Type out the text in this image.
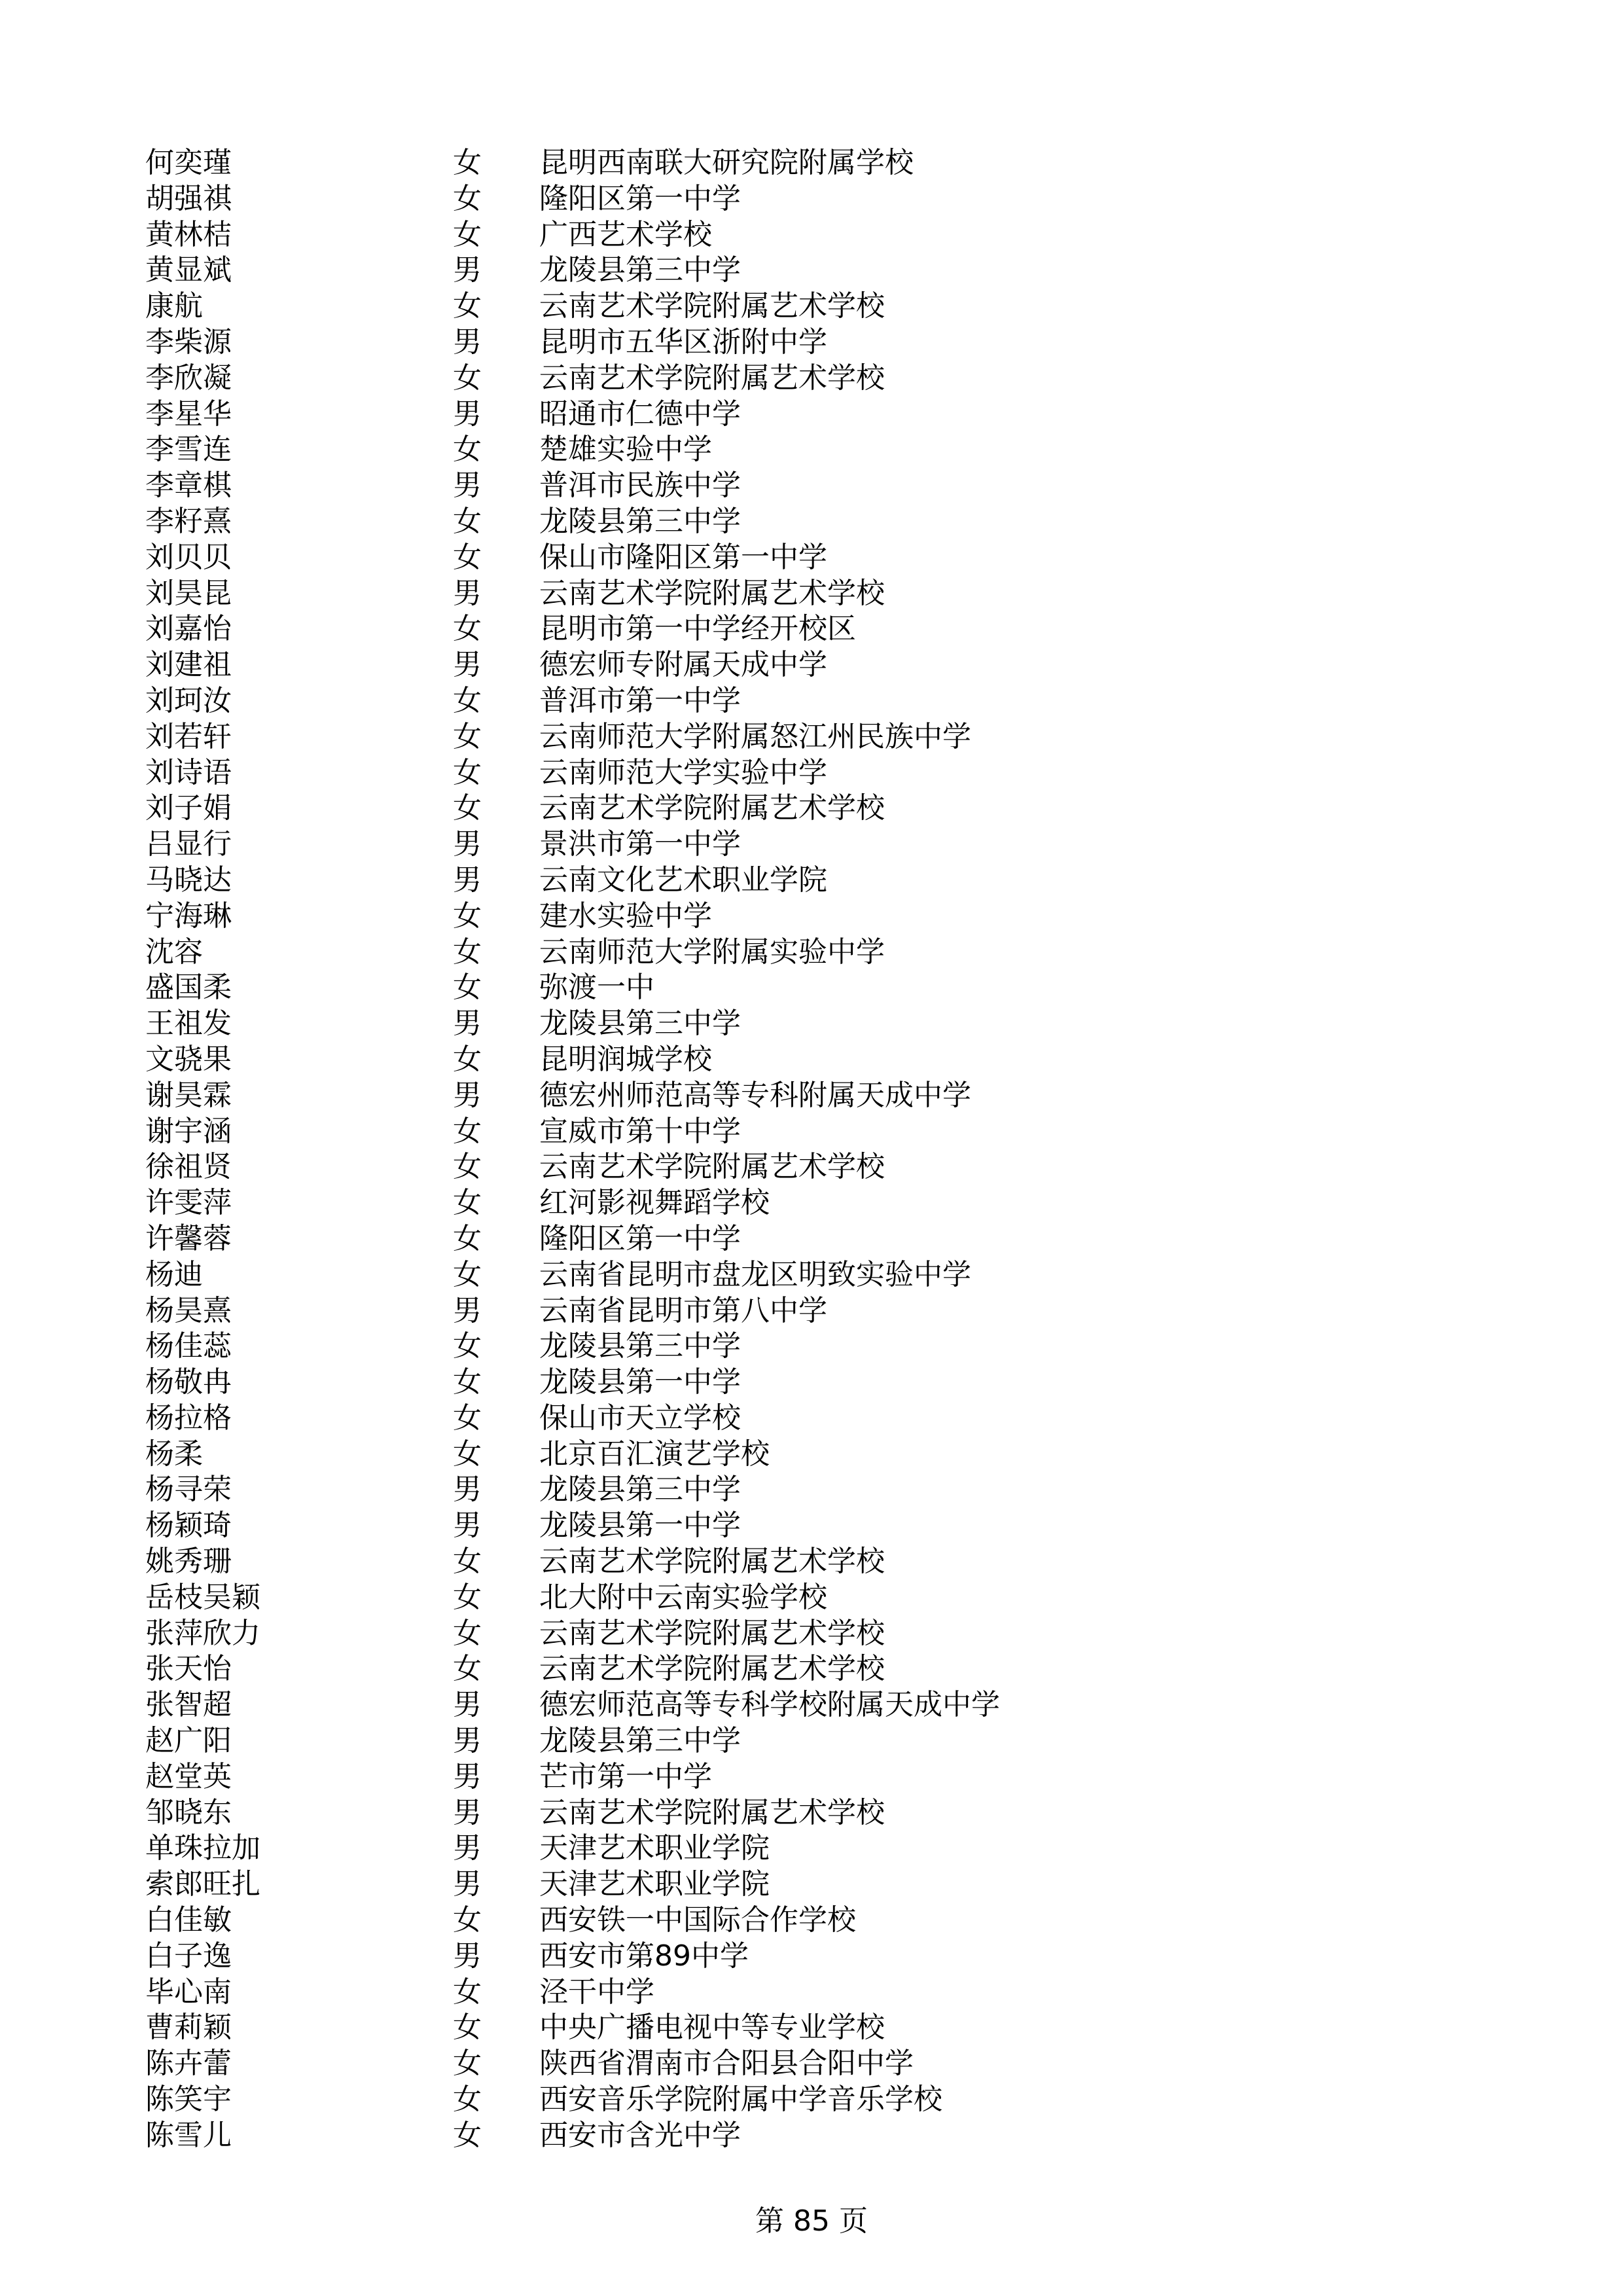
何奕瑾	女 昆明西南联大研究院附属学校
胡强祺	女 隆阳区第一中学
黄林桔	女 广西艺术学校
黄显斌	男 龙陵县第三中学
康航	女 云南艺术学院附属艺术学校
李柴源	男 昆明市五华区浙附中学
李欣凝	女 云南艺术学院附属艺术学校
李星华	男 昭通市仁德中学
李雪连	女 楚雄实验中学
李章棋	男 普洱市民族中学
李籽熹	女 龙陵县第三中学
刘贝贝	女 保山市隆阳区第一中学
刘昊昆	男 云南艺术学院附属艺术学校
刘嘉怡	女 昆明市第一中学经开校区
刘建祖	男 德宏师专附属天成中学
刘珂汝	女 普洱市第一中学
刘若轩	女 云南师范大学附属怒江州民族中学
刘诗语	女 云南师范大学实验中学
刘子娟	女 云南艺术学院附属艺术学校
吕显行	男 景洪市第一中学
马晓达	男 云南文化艺术职业学院
宁海琳	女 建水实验中学
沈容	女 云南师范大学附属实验中学
盛国柔	女 弥渡一中
王祖发	男 龙陵县第三中学
文骁果	女 昆明润城学校
谢昊霖	男 德宏州师范高等专科附属天成中学
谢宇涵	女 宣威市第十中学
徐祖贤	女 云南艺术学院附属艺术学校
许雯萍	女 红河影视舞蹈学校
许馨蓉	女 隆阳区第一中学
杨迪	女 云南省昆明市盘龙区明致实验中学
杨昊熹	男 云南省昆明市第八中学
杨佳蕊	女 龙陵县第三中学
杨敬冉	女 龙陵县第一中学
杨拉格	女 保山市天立学校
杨柔	女 北京百汇演艺学校
杨寻荣	男 龙陵县第三中学
杨颖琦	男 龙陵县第一中学
姚秀珊	女 云南艺术学院附属艺术学校
岳枝吴颖	女 北大附中云南实验学校
张萍欣力	女 云南艺术学院附属艺术学校
张天怡	女 云南艺术学院附属艺术学校
张智超	男 德宏师范高等专科学校附属天成中学
赵广阳	男 龙陵县第三中学
赵堂英	男 芒市第一中学
邹晓东	男 云南艺术学院附属艺术学校
单珠拉加	男 天津艺术职业学院
索郎旺扎	男 天津艺术职业学院
白佳敏	女 西安铁一中国际合作学校
白子逸	男 西安市第89中学
毕心南	女 泾干中学
曹莉颖	女 中央广播电视中等专业学校
陈卉蕾	女 陕西省渭南市合阳县合阳中学
陈笑宇	女 西安音乐学院附属中学音乐学校
陈雪儿	女 西安市含光中学
第 85 页
